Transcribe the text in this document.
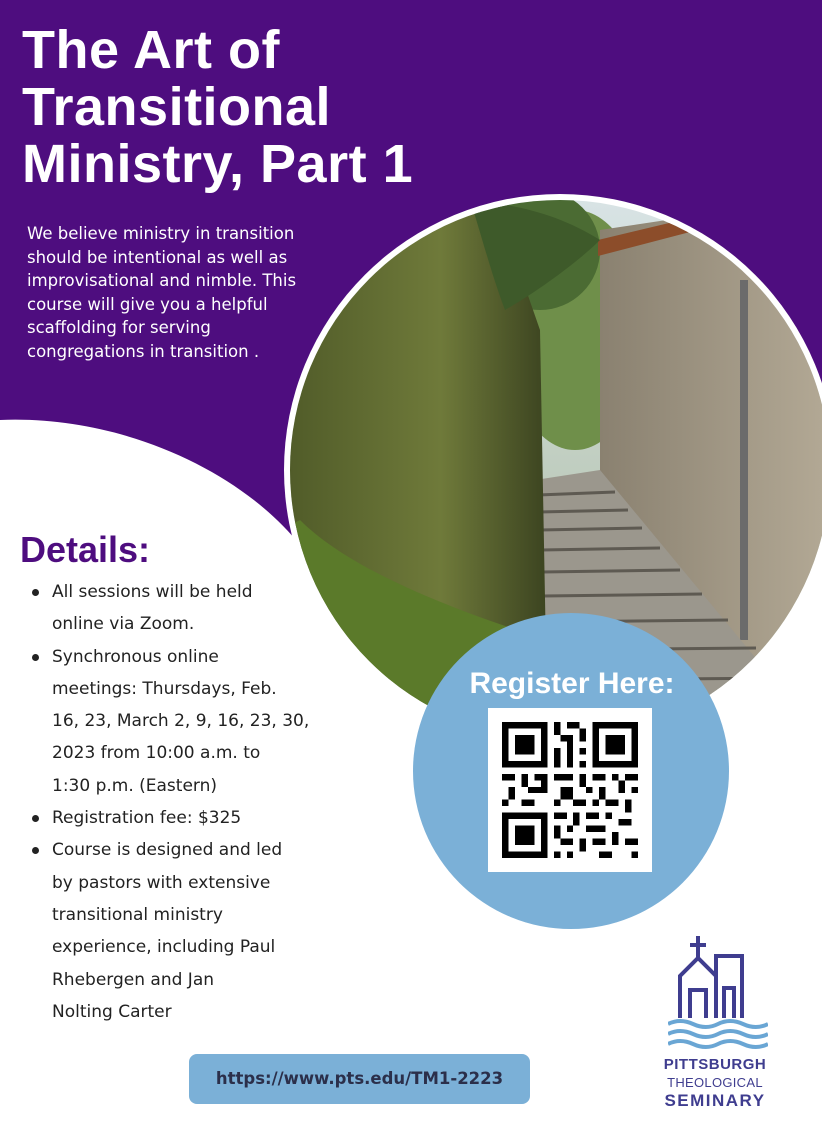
The Art of
Transitional
Ministry, Part 1
We believe ministry in transition
should be intentional as well as
improvisational and nimble. This
course will give you a helpful
scaffolding for serving
congregations in transition .
Details:
All sessions will be held
online via Zoom.
Synchronous online
meetings: Thursdays, Feb.
16, 23, March 2, 9, 16, 23, 30,
2023 from 10:00 a.m. to
1:30 p.m. (Eastern)
Registration fee: $325
Course is designed and led
by pastors with extensive
transitional ministry
experience, including Paul
Rhebergen and Jan
Nolting Carter
Register Here:
https://www.pts.edu/TM1-2223
PITTSBURGH
THEOLOGICAL
SEMINARY
